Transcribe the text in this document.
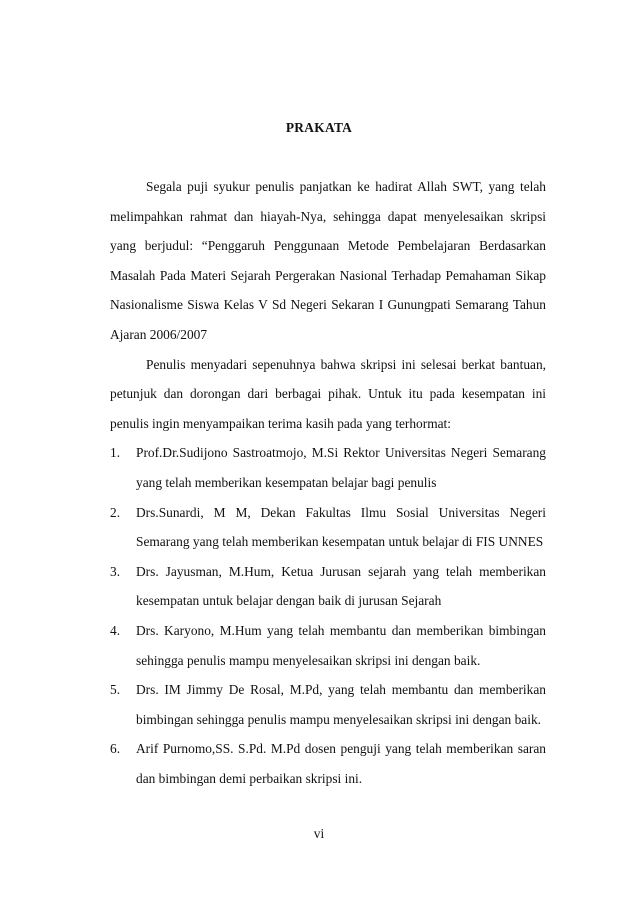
PRAKATA

Segala puji syukur penulis panjatkan ke hadirat Allah SWT, yang telah melimpahkan rahmat dan hiayah-Nya, sehingga dapat menyelesaikan skripsi yang berjudul: “Penggaruh Penggunaan Metode Pembelajaran Berdasarkan Masalah Pada Materi Sejarah Pergerakan Nasional Terhadap Pemahaman Sikap Nasionalisme Siswa Kelas V Sd Negeri Sekaran I Gunungpati Semarang Tahun Ajaran 2006/2007

Penulis menyadari sepenuhnya bahwa skripsi ini selesai berkat bantuan, petunjuk dan dorongan dari berbagai pihak. Untuk itu pada kesempatan ini penulis ingin menyampaikan terima kasih pada yang terhormat:

1. Prof.Dr.Sudijono Sastroatmojo, M.Si Rektor Universitas Negeri Semarang yang telah memberikan kesempatan belajar bagi penulis
2. Drs.Sunardi, M M, Dekan Fakultas Ilmu Sosial Universitas Negeri Semarang yang telah memberikan kesempatan untuk belajar di FIS UNNES
3. Drs. Jayusman, M.Hum, Ketua Jurusan sejarah yang telah memberikan kesempatan untuk belajar dengan baik di jurusan Sejarah
4. Drs. Karyono, M.Hum yang telah membantu dan memberikan bimbingan sehingga penulis mampu menyelesaikan skripsi ini dengan baik.
5. Drs. IM Jimmy De Rosal, M.Pd, yang telah membantu dan memberikan bimbingan sehingga penulis mampu menyelesaikan skripsi ini dengan baik.
6. Arif Purnomo,SS. S.Pd. M.Pd dosen penguji yang telah memberikan saran dan bimbingan demi perbaikan skripsi ini.
vi
